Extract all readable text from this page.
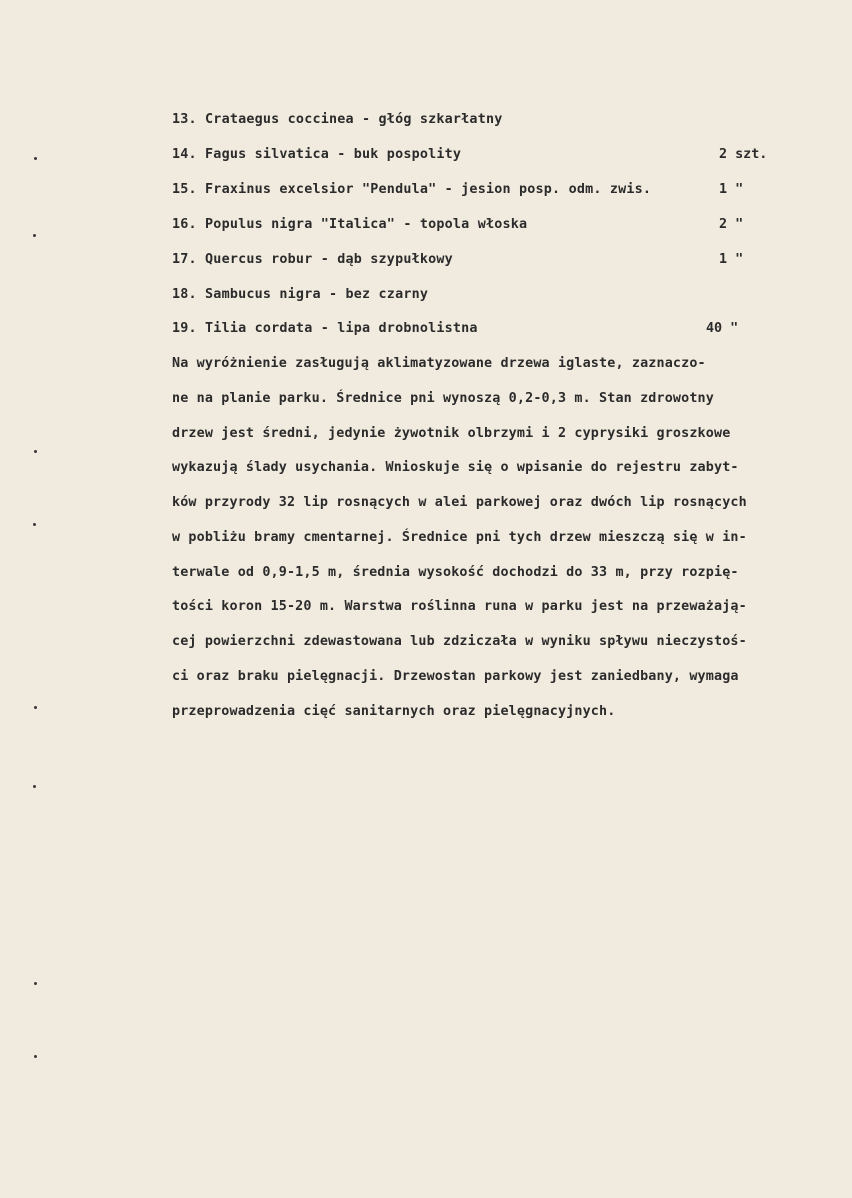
13. Crataegus coccinea - głóg szkarłatny
14. Fagus silvatica - buk pospolity	2 szt.
15. Fraxinus excelsior "Pendula" - jesion posp. odm. zwis.	1 "
16. Populus nigra "Italica" - topola włoska	2 "
17. Quercus robur - dąb szypułkowy	1 "
18. Sambucus nigra - bez czarny
19. Tilia cordata - lipa drobnolistna	40 "
Na wyróżnienie zasługują aklimatyzowane drzewa iglaste, zaznaczo-
ne na planie parku. Średnice pni wynoszą 0,2-0,3 m. Stan zdrowotny
drzew jest średni, jedynie żywotnik olbrzymi i 2 cyprysiki groszkowe
wykazują ślady usychania. Wnioskuje się o wpisanie do rejestru zabyt-
ków przyrody 32 lip rosnących w alei parkowej oraz dwóch lip rosnących
w pobliżu bramy cmentarnej. Średnice pni tych drzew mieszczą się w in-
terwale od 0,9-1,5 m, średnia wysokość dochodzi do 33 m, przy rozpię-
tości koron 15-20 m. Warstwa roślinna runa w parku jest na przeważają-
cej powierzchni zdewastowana lub zdziczała w wyniku spływu nieczystoś-
ci oraz braku pielęgnacji. Drzewostan parkowy jest zaniedbany, wymaga
przeprowadzenia cięć sanitarnych oraz pielęgnacyjnych.
